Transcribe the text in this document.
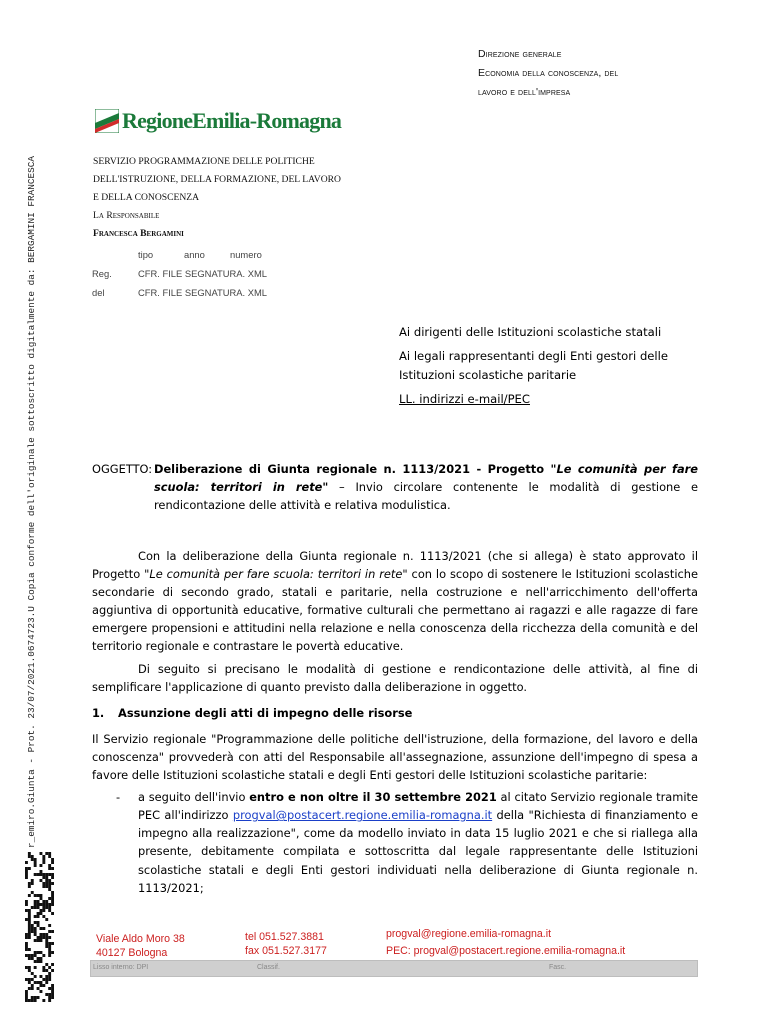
r_emiro.Giunta - Prot. 23/07/2021.0674723.U Copia conforme dell'originale sottoscritto digitalmente da: BERGAMINI FRANCESCA
Direzione generale
Economia della conoscenza, del
lavoro e dell'impresa
RegioneEmilia-Romagna
SERVIZIO PROGRAMMAZIONE DELLE POLITICHE
DELL'ISTRUZIONE, DELLA FORMAZIONE, DEL LAVORO
E DELLA CONOSCENZA
La Responsabile
Francesca Bergamini
tipo	anno	numero
Reg.	CFR. FILE SEGNATURA. XML
del	CFR. FILE SEGNATURA. XML

Ai dirigenti delle Istituzioni scolastiche statali

Ai legali rappresentanti degli Enti gestori delle
Istituzioni scolastiche paritarie

LL. indirizzi e-mail/PEC

OGGETTO: Deliberazione di Giunta regionale n. 1113/2021 - Progetto "Le comunità per fare scuola: territori in rete" – Invio circolare contenente le modalità di gestione e rendicontazione delle attività e relativa modulistica.

Con la deliberazione della Giunta regionale n. 1113/2021 (che si allega) è stato approvato il Progetto "Le comunità per fare scuola: territori in rete" con lo scopo di sostenere le Istituzioni scolastiche secondarie di secondo grado, statali e paritarie, nella costruzione e nell'arricchimento dell'offerta aggiuntiva di opportunità educative, formative culturali che permettano ai ragazzi e alle ragazze di fare emergere propensioni e attitudini nella relazione e nella conoscenza della ricchezza della comunità e del territorio regionale e contrastare le povertà educative.

Di seguito si precisano le modalità di gestione e rendicontazione delle attività, al fine di semplificare l'applicazione di quanto previsto dalla deliberazione in oggetto.

1. Assunzione degli atti di impegno delle risorse

Il Servizio regionale "Programmazione delle politiche dell'istruzione, della formazione, del lavoro e della conoscenza" provvederà con atti del Responsabile all'assegnazione, assunzione dell'impegno di spesa a favore delle Istituzioni scolastiche statali e degli Enti gestori delle Istituzioni scolastiche paritarie:

- a seguito dell'invio entro e non oltre il 30 settembre 2021 al citato Servizio regionale tramite PEC all'indirizzo progval@postacert.regione.emilia-romagna.it della "Richiesta di finanziamento e impegno alla realizzazione", come da modello inviato in data 15 luglio 2021 e che si riallega alla presente, debitamente compilata e sottoscritta dal legale rappresentante delle Istituzioni scolastiche statali e degli Enti gestori individuati nella deliberazione di Giunta regionale n. 1113/2021;

Viale Aldo Moro 38
40127 Bologna
tel 051.527.3881
fax 051.527.3177
progval@regione.emilia-romagna.it
PEC: progval@postacert.regione.emilia-romagna.it
Lisso interno: DPI	Classif.	Fasc.
